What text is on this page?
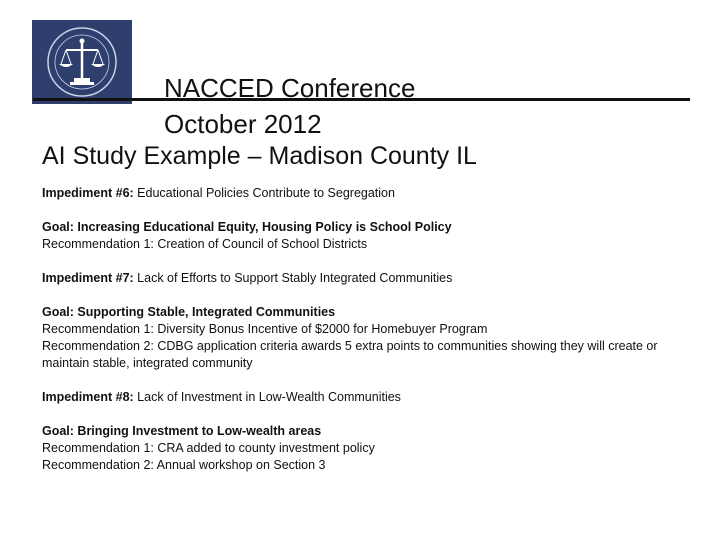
NACCED Conference
October 2012
AI Study Example – Madison County IL
Impediment #6: Educational Policies Contribute to Segregation
Goal: Increasing Educational Equity, Housing Policy is School Policy
Recommendation 1: Creation of Council of School Districts
Impediment #7: Lack of Efforts to Support Stably Integrated Communities
Goal: Supporting Stable, Integrated Communities
Recommendation 1: Diversity Bonus Incentive of $2000 for Homebuyer Program
Recommendation 2: CDBG application criteria awards 5 extra points to communities showing they will create or maintain stable, integrated community
Impediment #8: Lack of Investment in Low-Wealth Communities
Goal: Bringing Investment to Low-wealth areas
Recommendation 1: CRA added to county investment policy
Recommendation 2: Annual workshop on Section 3
